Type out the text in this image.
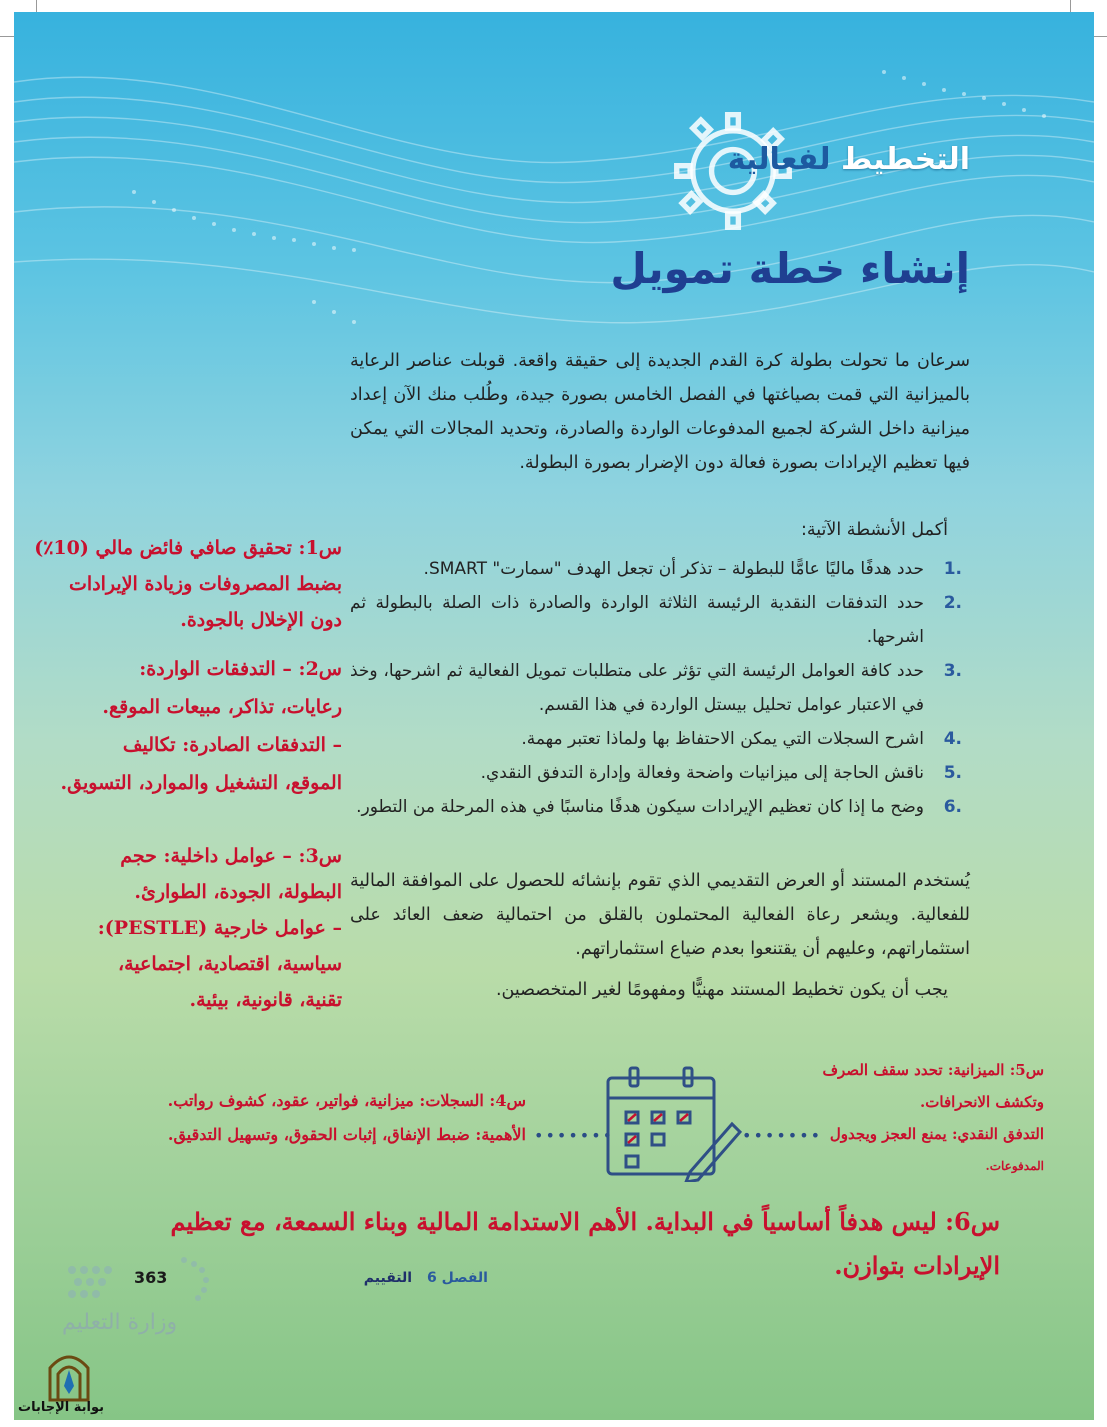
التخطيط لفعالية
إنشاء خطة تمويل
سرعان ما تحولت بطولة كرة القدم الجديدة إلى حقيقة واقعة. قوبلت عناصر الرعاية بالميزانية التي قمت بصياغتها في الفصل الخامس بصورة جيدة، وطُلب منك الآن إعداد ميزانية داخل الشركة لجميع المدفوعات الواردة والصادرة، وتحديد المجالات التي يمكن فيها تعظيم الإيرادات بصورة فعالة دون الإضرار بصورة البطولة.
أكمل الأنشطة الآتية:
.1
حدد هدفًا ماليًا عامًّا للبطولة – تذكر أن تجعل الهدف "سمارت" SMART.
.2
حدد التدفقات النقدية الرئيسة الثلاثة الواردة والصادرة ذات الصلة بالبطولة ثم اشرحها.
.3
حدد كافة العوامل الرئيسة التي تؤثر على متطلبات تمويل الفعالية ثم اشرحها، وخذ في الاعتبار عوامل تحليل بيستل الواردة في هذا القسم.
.4
اشرح السجلات التي يمكن الاحتفاظ بها ولماذا تعتبر مهمة.
.5
ناقش الحاجة إلى ميزانيات واضحة وفعالة وإدارة التدفق النقدي.
.6
وضح ما إذا كان تعظيم الإيرادات سيكون هدفًا مناسبًا في هذه المرحلة من التطور.
يُستخدم المستند أو العرض التقديمي الذي تقوم بإنشائه للحصول على الموافقة المالية للفعالية. ويشعر رعاة الفعالية المحتملون بالقلق من احتمالية ضعف العائد على استثماراتهم، وعليهم أن يقتنعوا بعدم ضياع استثماراتهم.
يجب أن يكون تخطيط المستند مهنيًّا ومفهومًا لغير المتخصصين.
س1: تحقيق صافي فائض مالي (10٪)
بضبط المصروفات وزيادة الإيرادات
دون الإخلال بالجودة.
س2: – التدفقات الواردة:
رعايات، تذاكر، مبيعات الموقع.
– التدفقات الصادرة: تكاليف
الموقع، التشغيل والموارد، التسويق.
س3: – عوامل داخلية: حجم
البطولة، الجودة، الطوارئ.
– عوامل خارجية (PESTLE):
سياسية، اقتصادية، اجتماعية،
تقنية، قانونية، بيئية.
س4: السجلات: ميزانية، فواتير، عقود، كشوف رواتب.
الأهمية: ضبط الإنفاق، إثبات الحقوق، وتسهيل التدقيق. •••••••	•••••••
س5: الميزانية: تحدد سقف الصرف
وتكشف الانحرافات.
التدفق النقدي: يمنع العجز ويجدول
المدفوعات.
س6: ليس هدفاً أساسياً في البداية. الأهم الاستدامة المالية وبناء السمعة، مع تعظيم
الإيرادات بتوازن.
363
وزارة التعليم
الفصل 6 التقييم
بوابة الإجابات
